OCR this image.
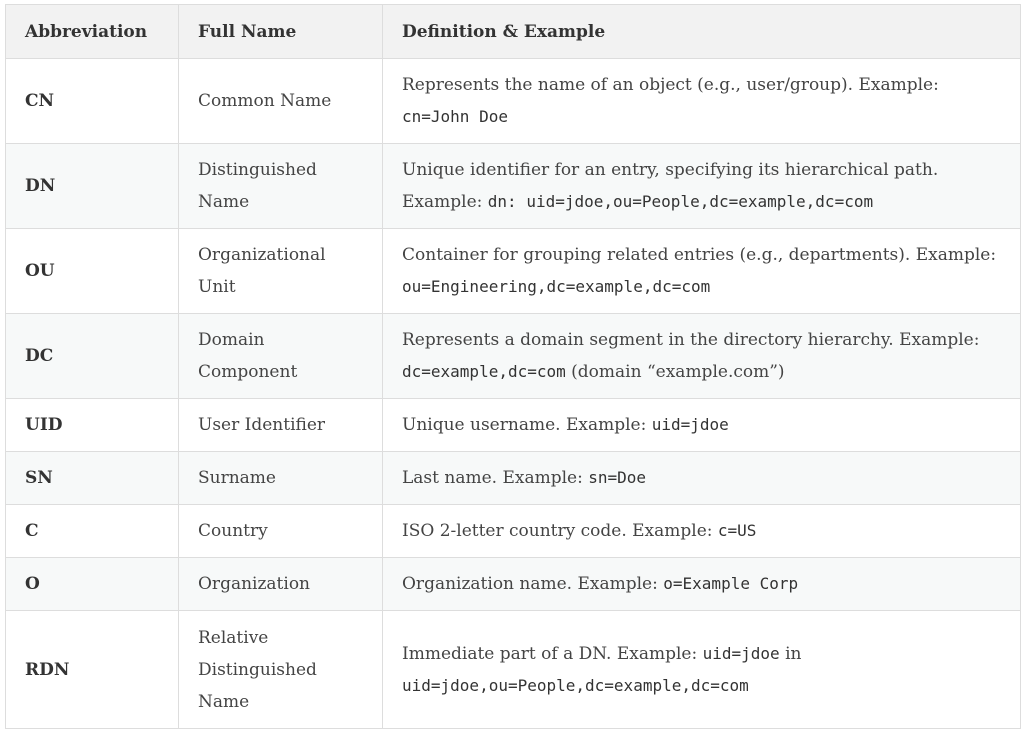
Abbreviation	Full Name	Definition & Example
CN	Common Name	Represents the name of an object (e.g., user/group). Example: cn=John Doe
DN	Distinguished Name	Unique identifier for an entry, specifying its hierarchical path. Example: dn: uid=jdoe,ou=People,dc=example,dc=com
OU	Organizational Unit	Container for grouping related entries (e.g., departments). Example: ou=Engineering,dc=example,dc=com
DC	Domain Component	Represents a domain segment in the directory hierarchy. Example: dc=example,dc=com (domain “example.com”)
UID	User Identifier	Unique username. Example: uid=jdoe
SN	Surname	Last name. Example: sn=Doe
C	Country	ISO 2-letter country code. Example: c=US
O	Organization	Organization name. Example: o=Example Corp
RDN	Relative Distinguished Name	Immediate part of a DN. Example: uid=jdoe in uid=jdoe,ou=People,dc=example,dc=com
